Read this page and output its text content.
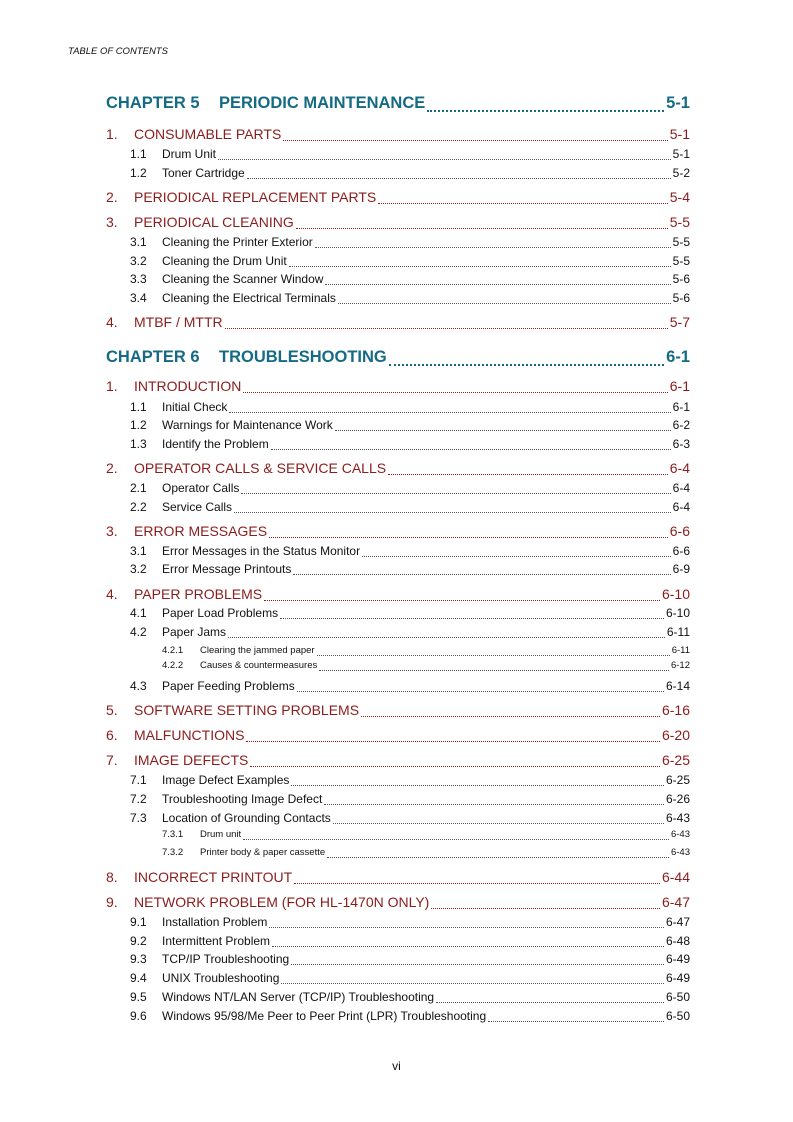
TABLE OF CONTENTS
CHAPTER 5	PERIODIC MAINTENANCE	5-1
1.	CONSUMABLE PARTS	5-1
1.1	Drum Unit	5-1
1.2	Toner Cartridge	5-2
2.	PERIODICAL REPLACEMENT PARTS	5-4
3.	PERIODICAL CLEANING	5-5
3.1	Cleaning the Printer Exterior	5-5
3.2	Cleaning the Drum Unit	5-5
3.3	Cleaning the Scanner Window	5-6
3.4	Cleaning the Electrical Terminals	5-6
4.	MTBF / MTTR	5-7
CHAPTER 6	TROUBLESHOOTING	6-1
1.	INTRODUCTION	6-1
1.1	Initial Check	6-1
1.2	Warnings for Maintenance Work	6-2
1.3	Identify the Problem	6-3
2.	OPERATOR CALLS & SERVICE CALLS	6-4
2.1	Operator Calls	6-4
2.2	Service Calls	6-4
3.	ERROR MESSAGES	6-6
3.1	Error Messages in the Status Monitor	6-6
3.2	Error Message Printouts	6-9
4.	PAPER PROBLEMS	6-10
4.1	Paper Load Problems	6-10
4.2	Paper Jams	6-11
4.2.1	Clearing the jammed paper	6-11
4.2.2	Causes & countermeasures	6-12
4.3	Paper Feeding Problems	6-14
5.	SOFTWARE SETTING PROBLEMS	6-16
6.	MALFUNCTIONS	6-20
7.	IMAGE DEFECTS	6-25
7.1	Image Defect Examples	6-25
7.2	Troubleshooting Image Defect	6-26
7.3	Location of Grounding Contacts	6-43
7.3.1	Drum unit	6-43
7.3.2	Printer body & paper cassette	6-43
8.	INCORRECT PRINTOUT	6-44
9.	NETWORK PROBLEM (FOR HL-1470N ONLY)	6-47
9.1	Installation Problem	6-47
9.2	Intermittent Problem	6-48
9.3	TCP/IP Troubleshooting	6-49
9.4	UNIX Troubleshooting	6-49
9.5	Windows NT/LAN Server (TCP/IP) Troubleshooting	6-50
9.6	Windows 95/98/Me Peer to Peer Print (LPR) Troubleshooting	6-50
vi
